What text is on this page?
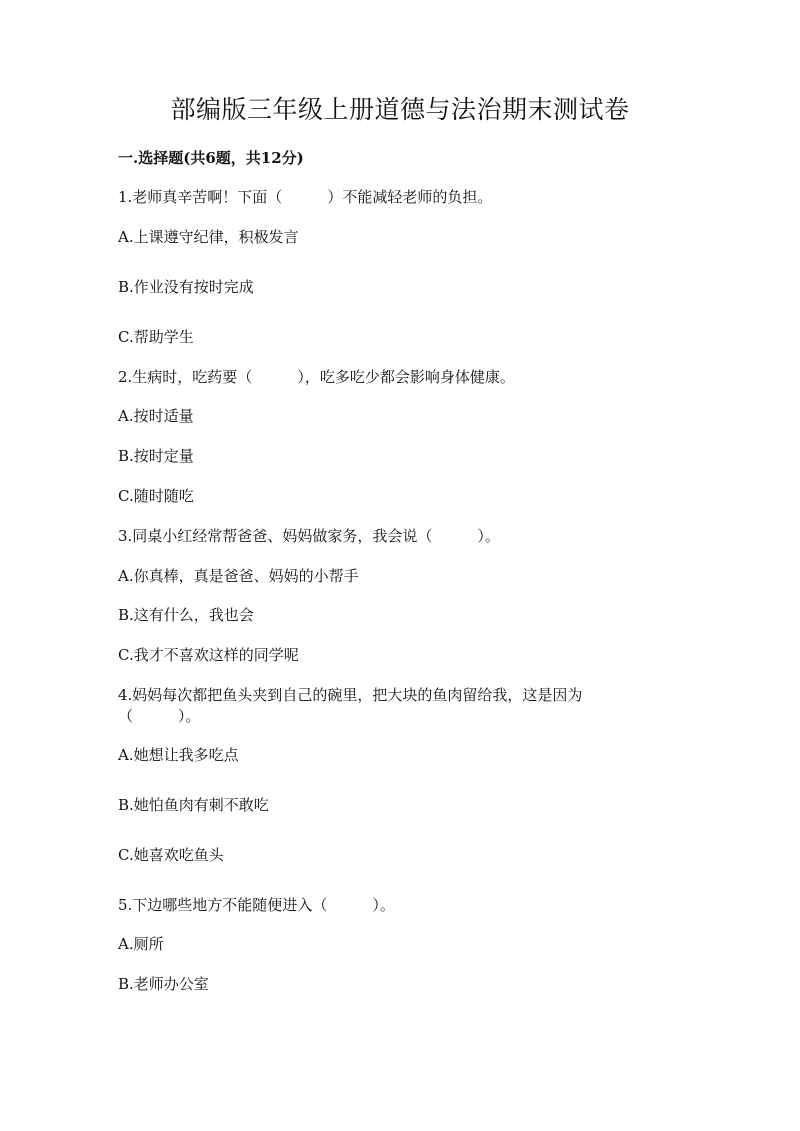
部编版三年级上册道德与法治期末测试卷
一.选择题(共6题，共12分)
1.老师真辛苦啊！下面（　　　）不能减轻老师的负担。
A.上课遵守纪律，积极发言
B.作业没有按时完成
C.帮助学生
2.生病时，吃药要（　　　），吃多吃少都会影响身体健康。
A.按时适量
B.按时定量
C.随时随吃
3.同桌小红经常帮爸爸、妈妈做家务，我会说（　　　）。
A.你真棒，真是爸爸、妈妈的小帮手
B.这有什么，我也会
C.我才不喜欢这样的同学呢
4.妈妈每次都把鱼头夹到自己的碗里，把大块的鱼肉留给我，这是因为
（　　　）。
A.她想让我多吃点
B.她怕鱼肉有刺不敢吃
C.她喜欢吃鱼头
5.下边哪些地方不能随便进入（　　　）。
A.厕所
B.老师办公室
